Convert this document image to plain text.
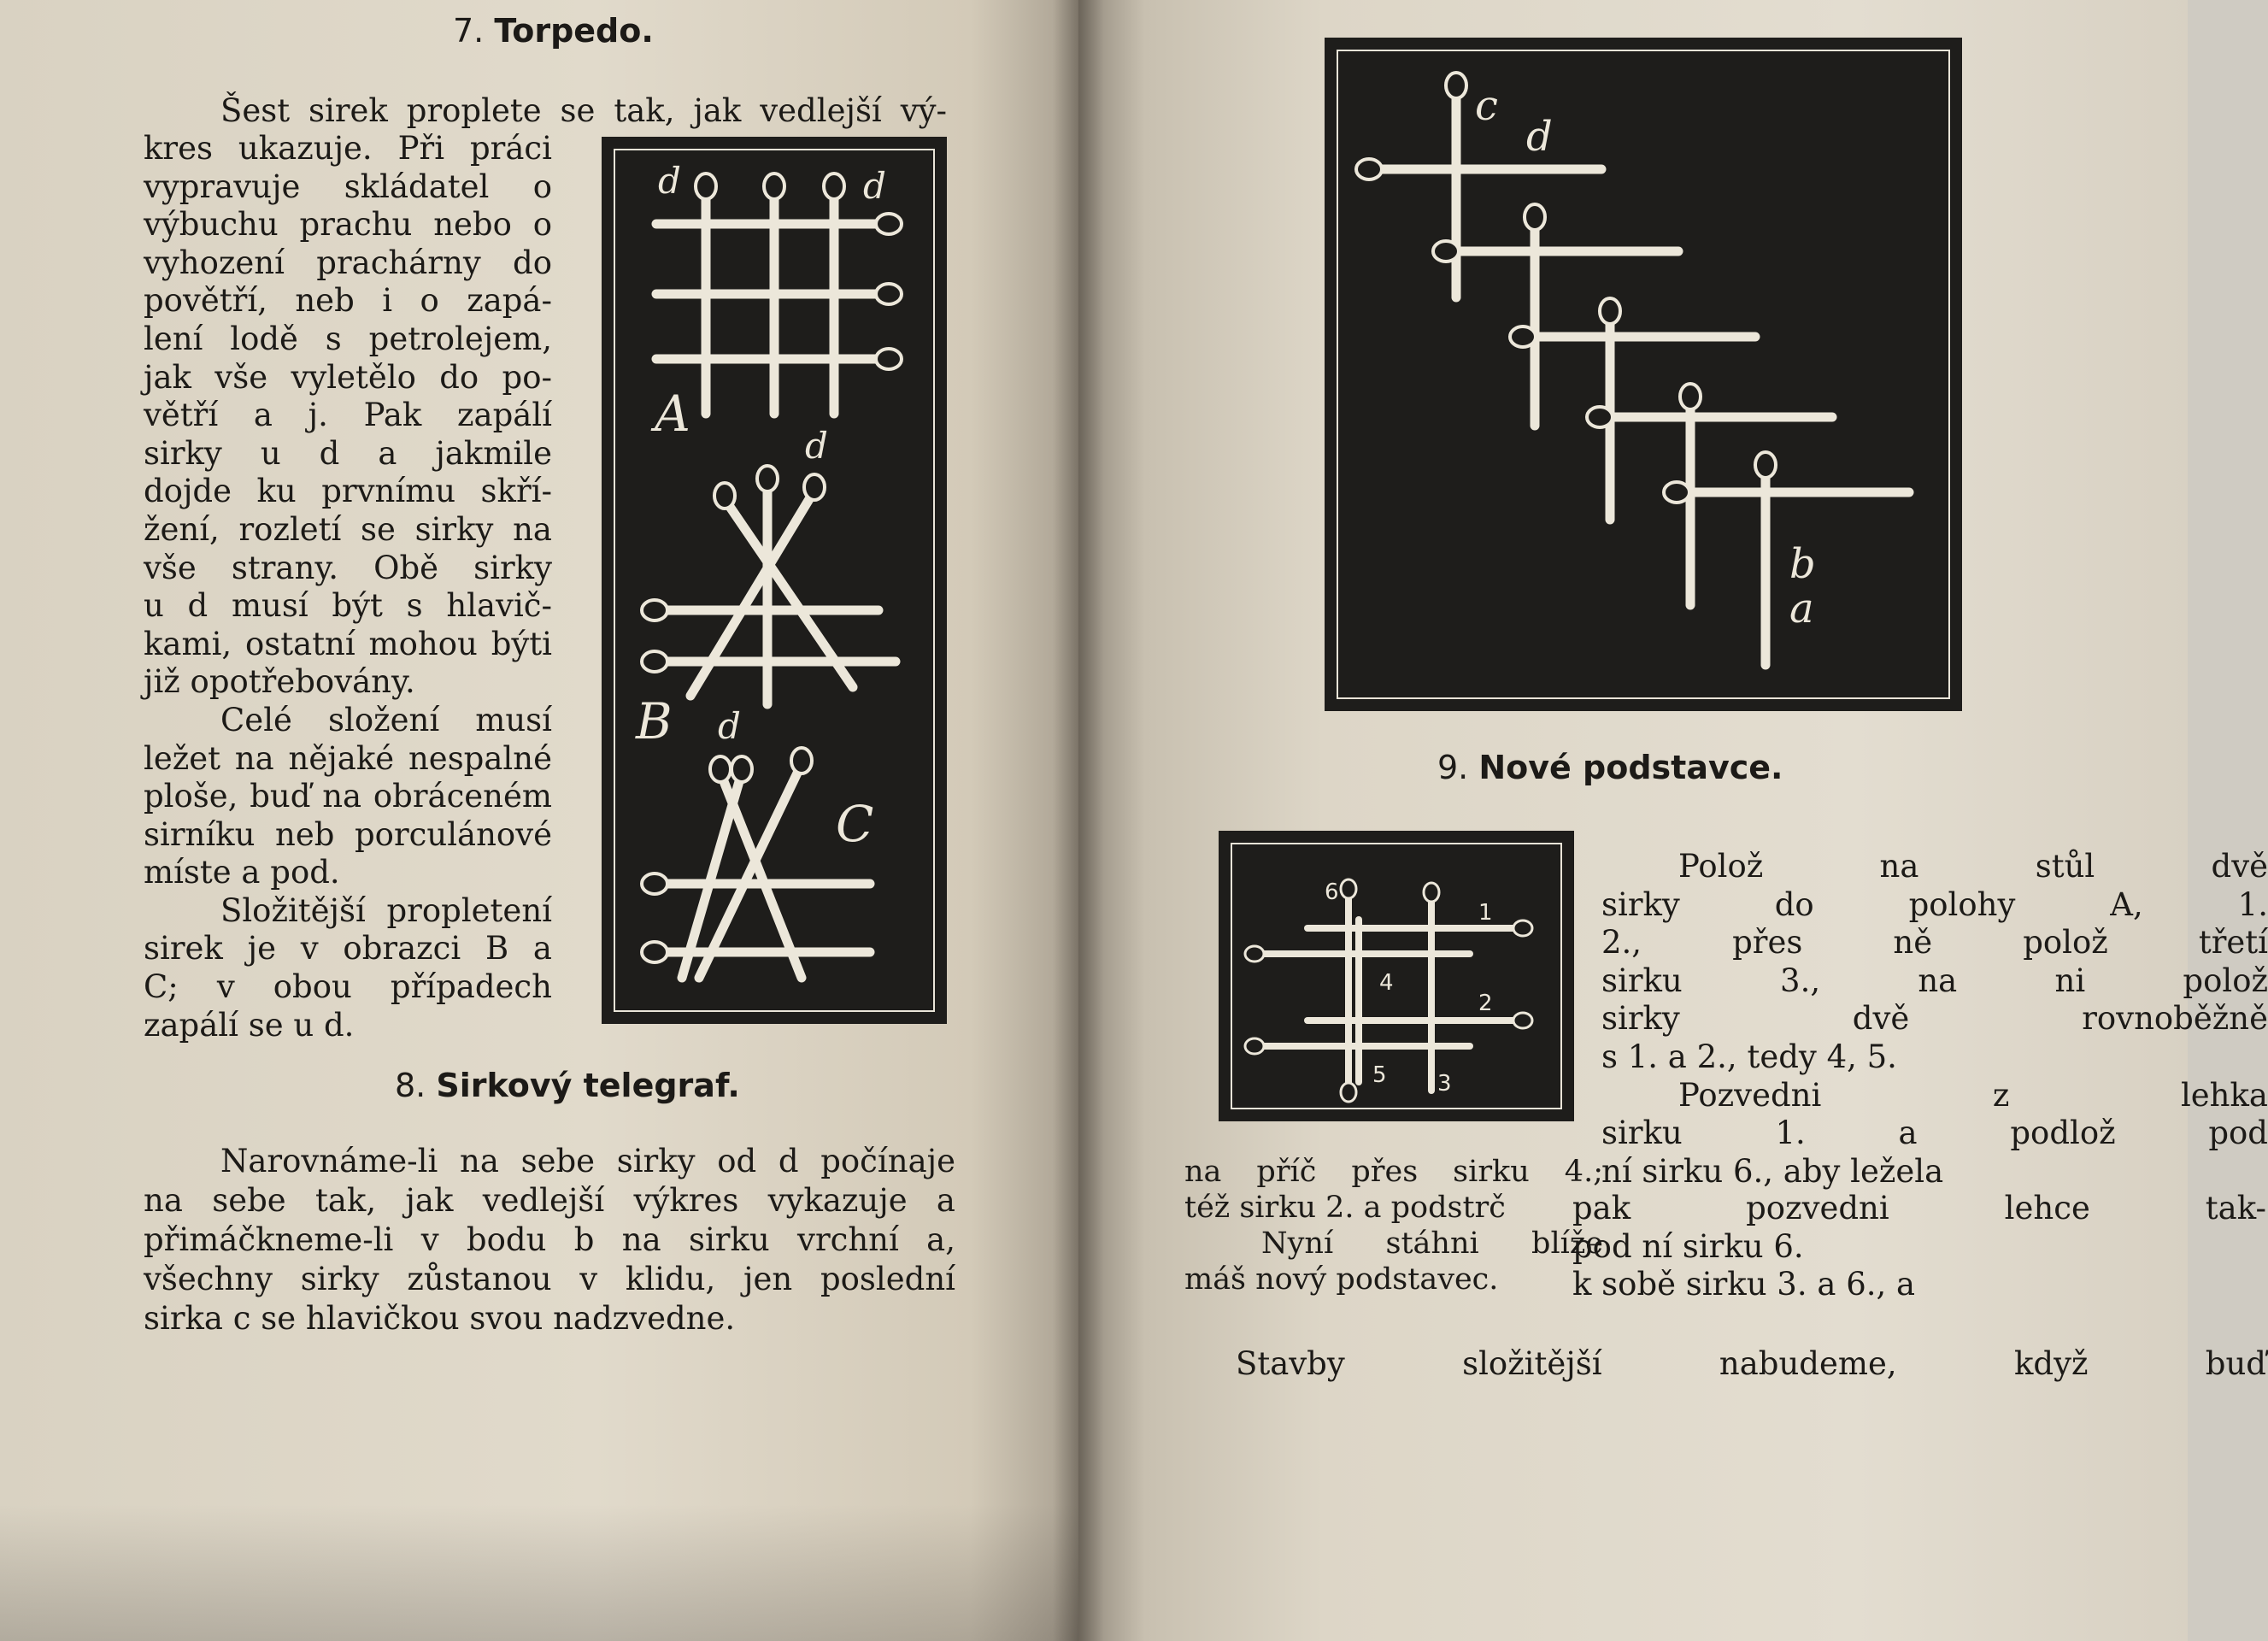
7. Torpedo.
Šest sirek proplete se tak, jak vedlejší vý-
kres ukazuje. Při práci
vypravuje skládatel o
výbuchu prachu nebo o
vyhození prachárny do
povětří, neb i o zapá-
lení lodě s petrolejem,
jak vše vyletělo do po-
větří a j. Pak zapálí
sirky u d a jakmile
dojde ku prvnímu skří-
žení, rozletí se sirky na
vše strany. Obě sirky
u d musí být s hlavič-
kami, ostatní mohou býti
již opotřebovány.
Celé složení musí
ležet na nějaké nespalné
ploše, buď na obráceném
sirníku neb porculánové
míste a pod.
Složitější propletení
sirek je v obrazci B a
C; v obou případech
zapálí se u d.
A
B
C
d	d
d
d
8. Sirkový telegraf.
Narovnáme-li na sebe sirky od d počínaje
na sebe tak, jak vedlejší výkres vykazuje a
přimáčkneme-li v bodu b na sirku vrchní a,
všechny sirky zůstanou v klidu, jen poslední
sirka c se hlavičkou svou nadzvedne.
c
d
b
a
9. Nové podstavce.
1
2
3
4
5
6
Polož na stůl dvě
sirky do polohy A, 1.
2., přes ně polož třetí
sirku 3., na ni polož
sirky dvě rovnoběžně
s 1. a 2., tedy 4, 5.
Pozvedni z lehka
sirku 1. a podlož pod
ní sirku 6., aby ležela
na příč přes sirku 4.;
též sirku 2. a podstrč
Nyní stáhni blíže
máš nový podstavec.
pak pozvedni lehce tak-
pod ní sirku 6.
k sobě sirku 3. a 6., a
Stavby složitější nabudeme, když buď
